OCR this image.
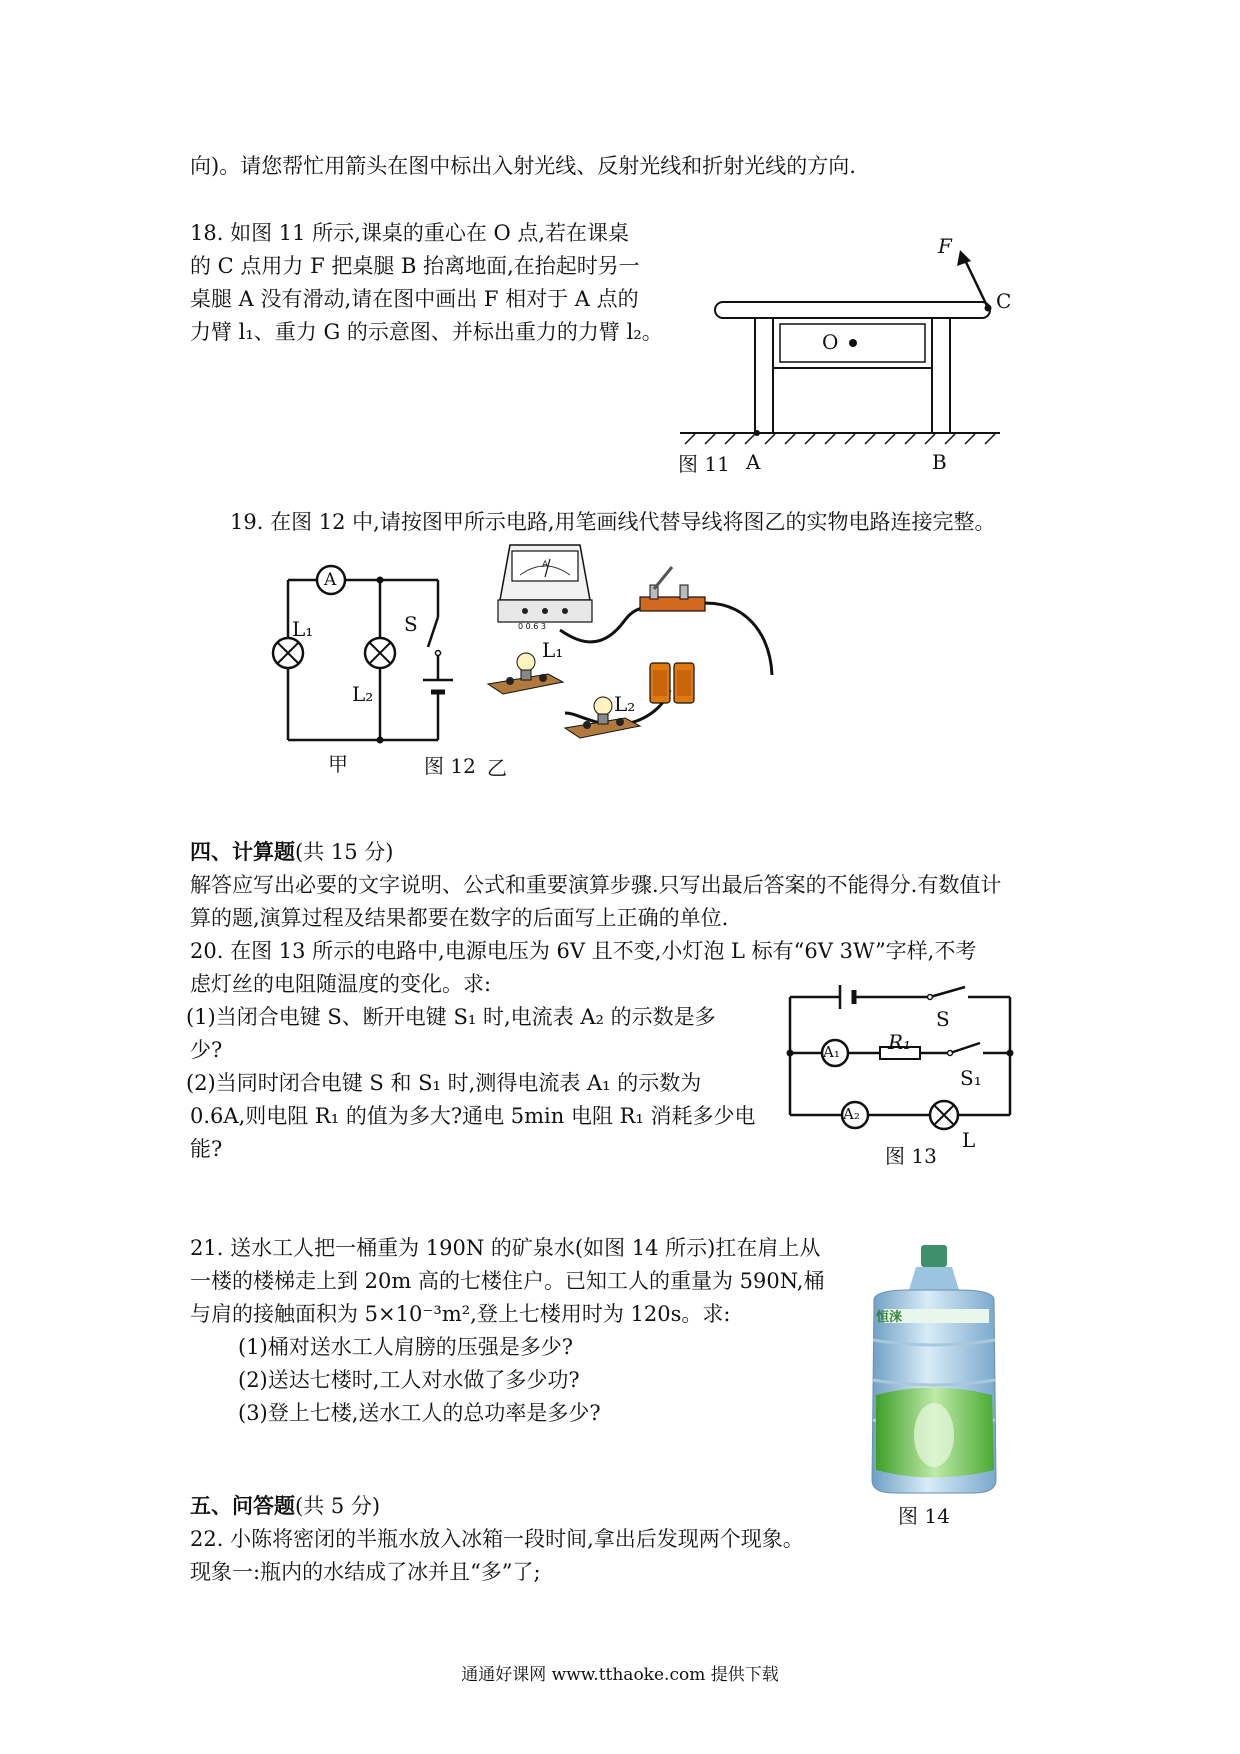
向)。请您帮忙用箭头在图中标出入射光线、反射光线和折射光线的方向.
18. 如图 11 所示,课桌的重心在 O 点,若在课桌
的 C 点用力 F 把桌腿 B 抬离地面,在抬起时另一
桌腿 A 没有滑动,请在图中画出 F 相对于 A 点的
力臂 l₁、重力 G 的示意图、并标出重力的力臂 l₂。
F
C
O
图 11 A	B
19. 在图 12 中,请按图甲所示电路,用笔画线代替导线将图乙的实物电路连接完整。
A
L₁	S
L₂
甲	图 12 乙
A
0 0.6 3
L₁
L₂
四、计算题(共 15 分)
解答应写出必要的文字说明、公式和重要演算步骤.只写出最后答案的不能得分.有数值计
算的题,演算过程及结果都要在数字的后面写上正确的单位.
20. 在图 13 所示的电路中,电源电压为 6V 且不变,小灯泡 L 标有“6V 3W”字样,不考
虑灯丝的电阻随温度的变化。求:
(1)当闭合电键 S、断开电键 S₁ 时,电流表 A₂ 的示数是多
少?
(2)当同时闭合电键 S 和 S₁ 时,测得电流表 A₁ 的示数为
0.6A,则电阻 R₁ 的值为多大?通电 5min 电阻 R₁ 消耗多少电
能?
S
A₁ R₁
S₁
A₂
L
图 13
21. 送水工人把一桶重为 190N 的矿泉水(如图 14 所示)扛在肩上从
一楼的楼梯走上到 20m 高的七楼住户。已知工人的重量为 590N,桶
与肩的接触面积为 5×10⁻³m²,登上七楼用时为 120s。求:
(1)桶对送水工人肩膀的压强是多少?
(2)送达七楼时,工人对水做了多少功?
(3)登上七楼,送水工人的总功率是多少?
恒涞
图 14
五、问答题(共 5 分)
22. 小陈将密闭的半瓶水放入冰箱一段时间,拿出后发现两个现象。
现象一:瓶内的水结成了冰并且“多”了;
通通好课网 www.tthaoke.com 提供下载
